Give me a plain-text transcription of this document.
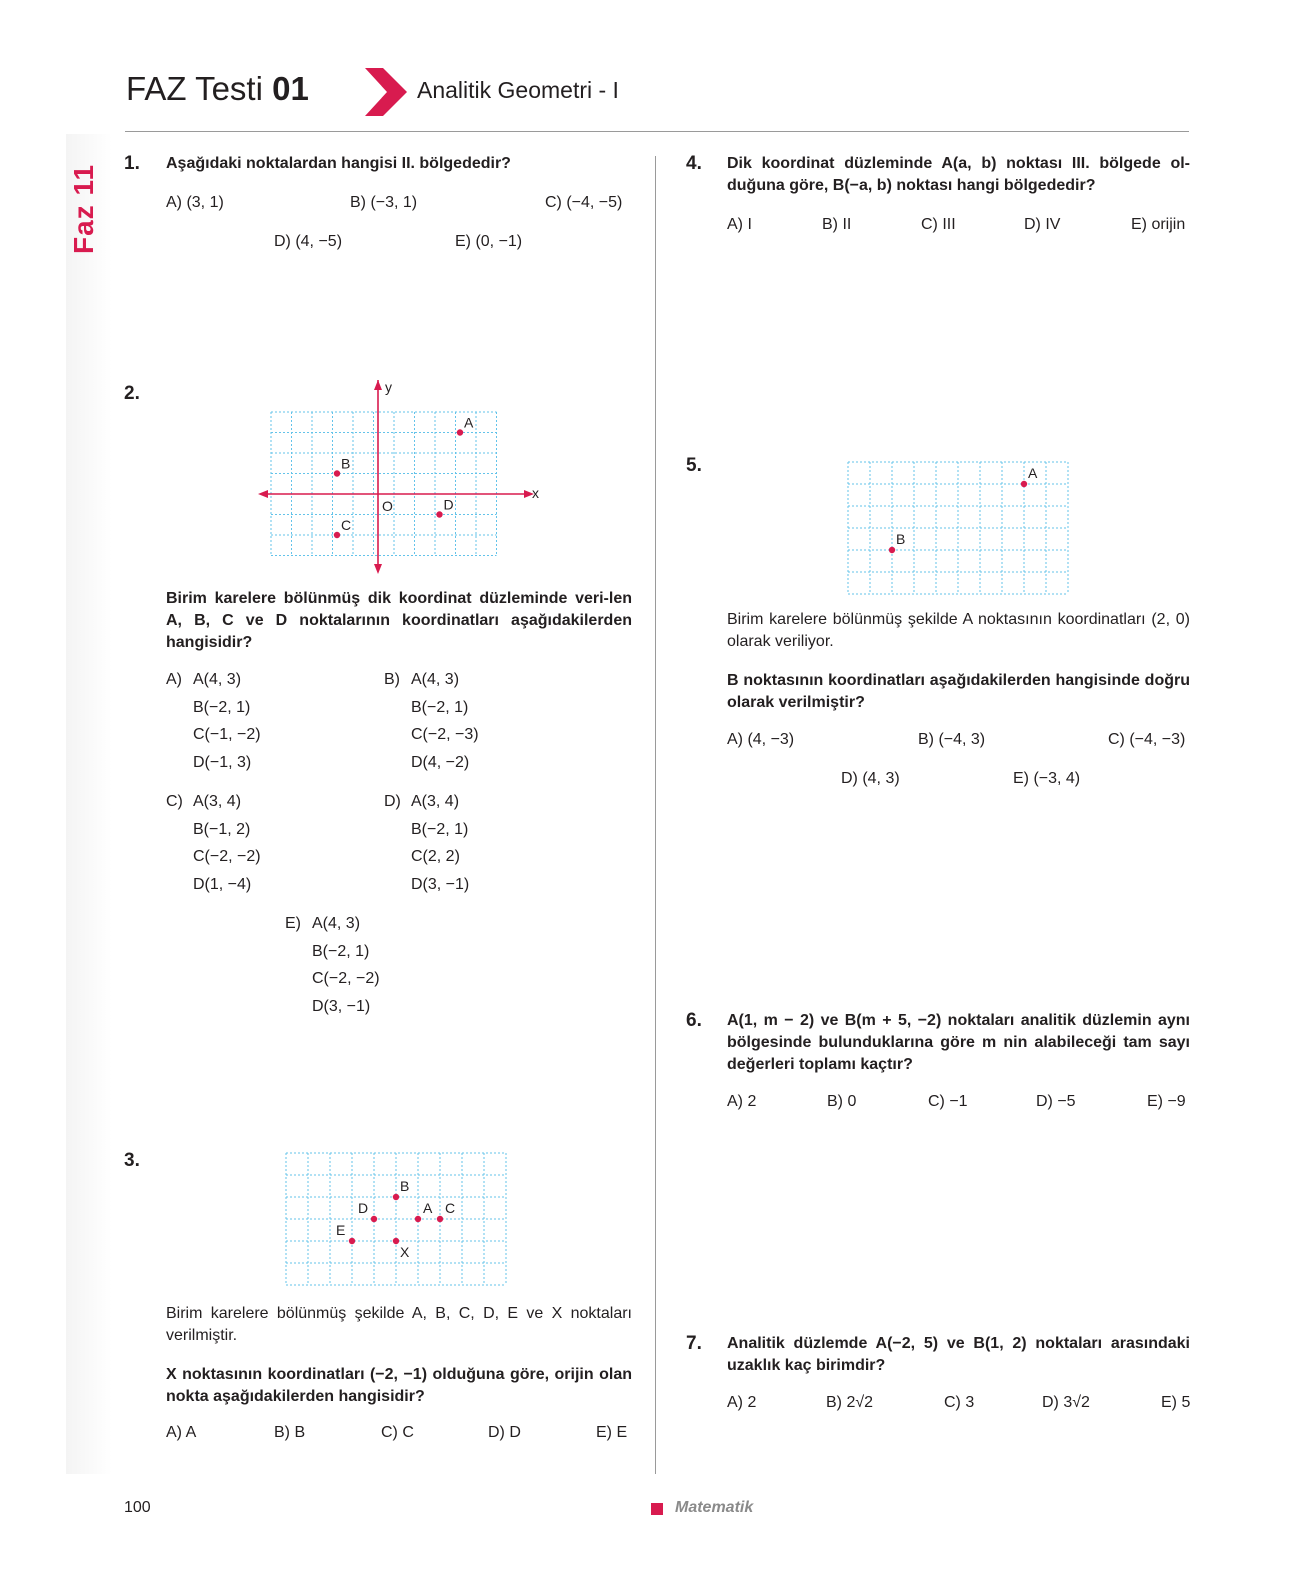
FAZ Testi 01	Analitik Geometri - I
Faz 11
1. Aşağıdaki noktalardan hangisi II. bölgededir?
A) (3, 1)	B) (−3, 1)	C) (−4, −5)
D) (4, −5)	E) (0, −1)
2.
x
y
O
A
B
C
D
Birim karelere bölünmüş dik koordinat düzleminde veri-len A, B, C ve D noktalarının koordinatları aşağıdakilerden hangisidir?
A) A(4, 3)
B(−2, 1)
C(−1, −2)
D(−1, 3)
B) A(4, 3)
B(−2, 1)
C(−2, −3)
D(4, −2)
C) A(3, 4)
B(−1, 2)
C(−2, −2)
D(1, −4)
D) A(3, 4)
B(−2, 1)
C(2, 2)
D(3, −1)
E) A(4, 3)
B(−2, 1)
C(−2, −2)
D(3, −1)
3.
B
D	A C
E
X
Birim karelere bölünmüş şekilde A, B, C, D, E ve X noktaları verilmiştir.
X noktasının koordinatları (−2, −1) olduğuna göre, orijin olan nokta aşağıdakilerden hangisidir?
A) A	B) B	C) C	D) D	E) E
4. Dik koordinat düzleminde A(a, b) noktası III. bölgede ol-duğuna göre, B(−a, b) noktası hangi bölgededir?
A) I	B) II	C) III	D) IV	E) orijin
5.	A
B
Birim karelere bölünmüş şekilde A noktasının koordinatları (2, 0) olarak veriliyor.
B noktasının koordinatları aşağıdakilerden hangisinde doğru olarak verilmiştir?
A) (4, −3)	B) (−4, 3)	C) (−4, −3)
D) (4, 3)	E) (−3, 4)
6. A(1, m − 2) ve B(m + 5, −2) noktaları analitik düzlemin aynı bölgesinde bulunduklarına göre m nin alabileceği tam sayı değerleri toplamı kaçtır?
A) 2	B) 0	C) −1	D) −5	E) −9
7. Analitik düzlemde A(−2, 5) ve B(1, 2) noktaları arasındaki uzaklık kaç birimdir?
A) 2	B) 2√2	C) 3	D) 3√2	E) 5
100	Matematik
